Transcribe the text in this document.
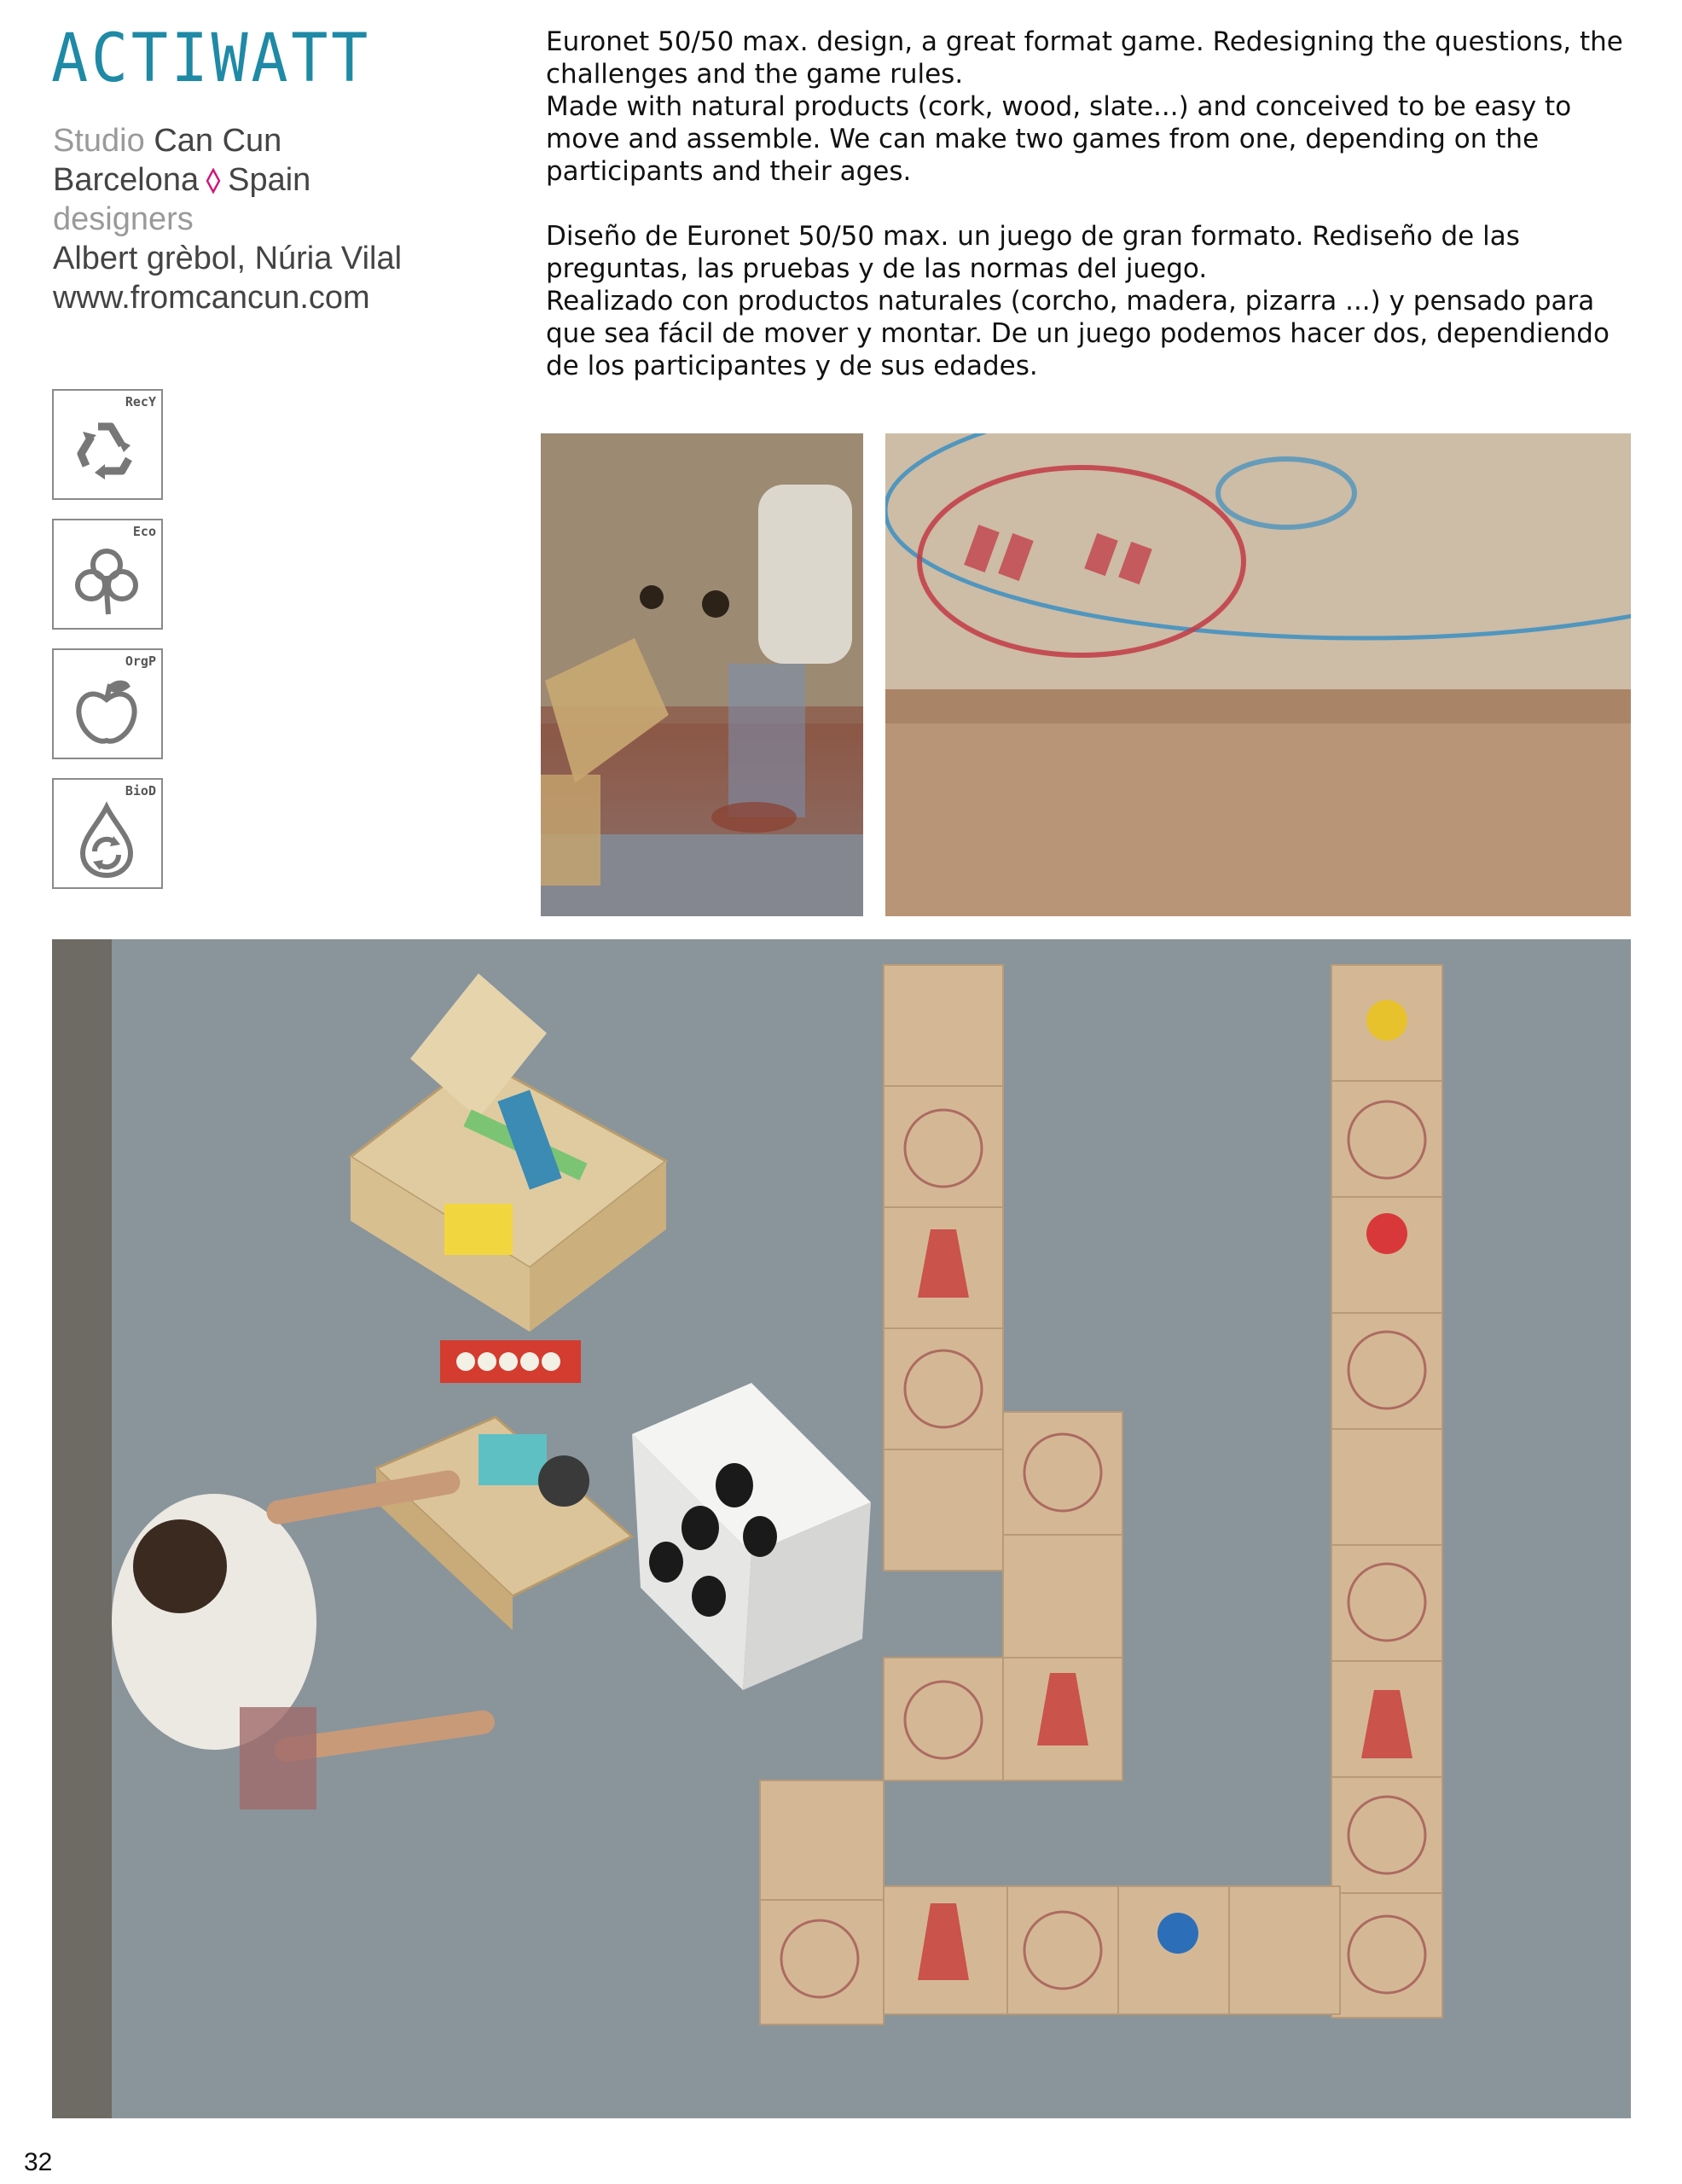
ACTIWATT
Studio Can Cun
Barcelona Spain
designers
Albert grèbol, Núria Vilal
www.fromcancun.com
RecY
Eco
OrgP
BioD

Euronet 50/50 max. design, a great format game. Redesigning the questions, the challenges and the game rules.

Made with natural products (cork, wood, slate...) and conceived to be easy to move and assemble. We can make two games from one, depending on the participants and their ages.

Diseño de Euronet 50/50 max. un juego de gran formato. Rediseño de las preguntas, las pruebas y de las normas del juego.

Realizado con productos naturales (corcho, madera, pizarra ...) y pensado para que sea fácil de mover y montar. De un juego podemos hacer dos, dependiendo de los participantes y de sus edades.

32
